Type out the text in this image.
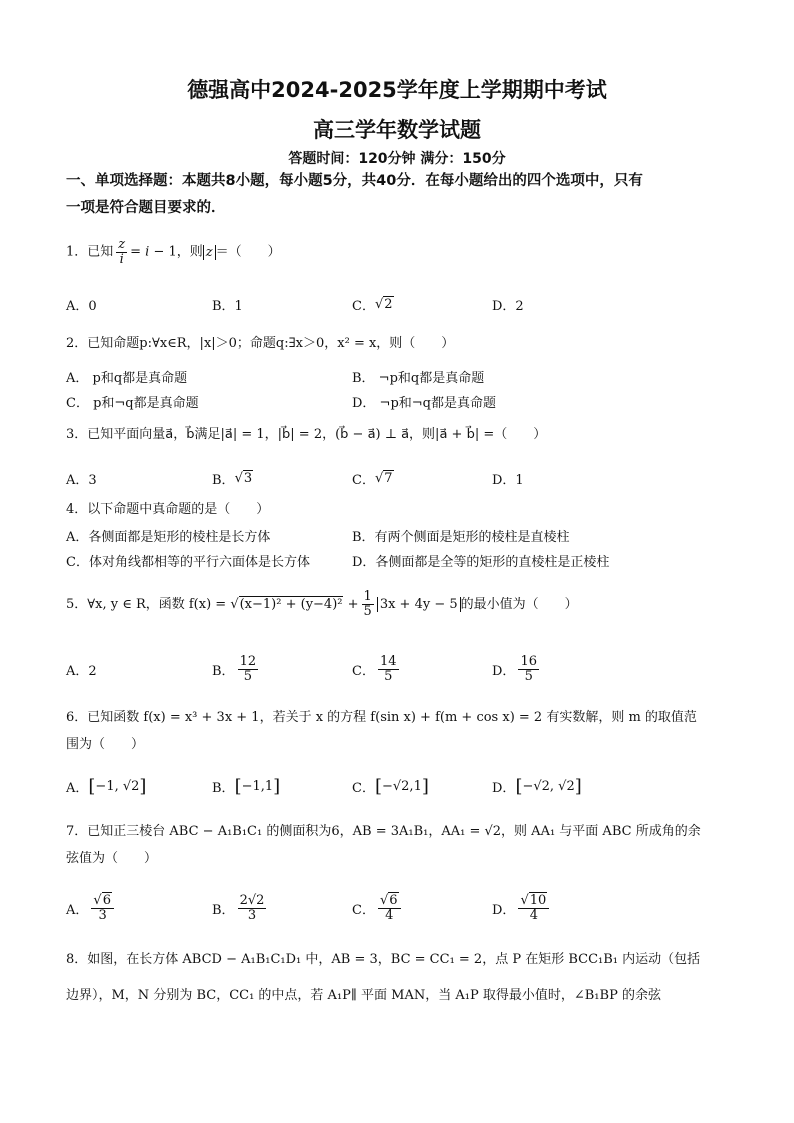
德强高中2024-2025学年度上学期期中考试
高三学年数学试题
答题时间：120分钟 满分：150分
一、单项选择题：本题共8小题，每小题5分，共40分．在每小题给出的四个选项中，只有
一项是符合题目要求的．
1．已知 $\frac{z}{i} = i - 1$，则 z ＝（　　）
A．0	B．1	C． √ 2	D．2
2．已知命题p:∀x∈R，|x|＞0；命题q:∃x＞0，x² = x，则（　　）
A． p和q都是真命题	B． ¬p和q都是真命题
C． p和¬q都是真命题	D． ¬p和¬q都是真命题
3．已知平面向量a⃗，b⃗满足|a⃗| = 1，|b⃗| = 2，(b⃗ − a⃗) ⊥ a⃗，则|a⃗ + b⃗| =（　　）
A．3	B． √ 3	C． √ 7	D．1
4．以下命题中真命题的是（　　）
A．各侧面都是矩形的棱柱是长方体	B．有两个侧面是矩形的棱柱是直棱柱
C．体对角线都相等的平行六面体是长方体	D．各侧面都是全等的矩形的直棱柱是正棱柱
5．∀x, y ∈ R，函数 $f(x) = √(x-1)^2 + (y-4)^2 + \frac{1}{5} 3x + 4y - 5$ 的最小值为（　　）
A．2	B． $\frac{12}{5}$	C． $\frac{14}{5}$	D． $\frac{16}{5}$
6．已知函数 f(x) = x³ + 3x + 1，若关于 x 的方程 f(sin x) + f(m + cos x) = 2 有实数解，则 m 的取值范
围为（　　）
A． [ −1, √2 ]	B． [ −1,1 ]	C． [ −√2,1 ]	D． [ −√2, √2 ]
7．已知正三棱台 ABC − A₁B₁C₁ 的侧面积为6，AB = 3A₁B₁，AA₁ = √2，则 AA₁ 与平面 ABC 所成角的余
弦值为（　　）
A． $\frac{√6}{3}$	B． $\frac{2√2}{3}$	C． $\frac{√6}{4}$	D． $\frac{√10}{4}$
8．如图，在长方体 ABCD − A₁B₁C₁D₁ 中，AB = 3，BC = CC₁ = 2，点 P 在矩形 BCC₁B₁ 内运动（包括
边界），M，N 分别为 BC，CC₁ 的中点，若 A₁P∥ 平面 MAN，当 A₁P 取得最小值时，∠B₁BP 的余弦
